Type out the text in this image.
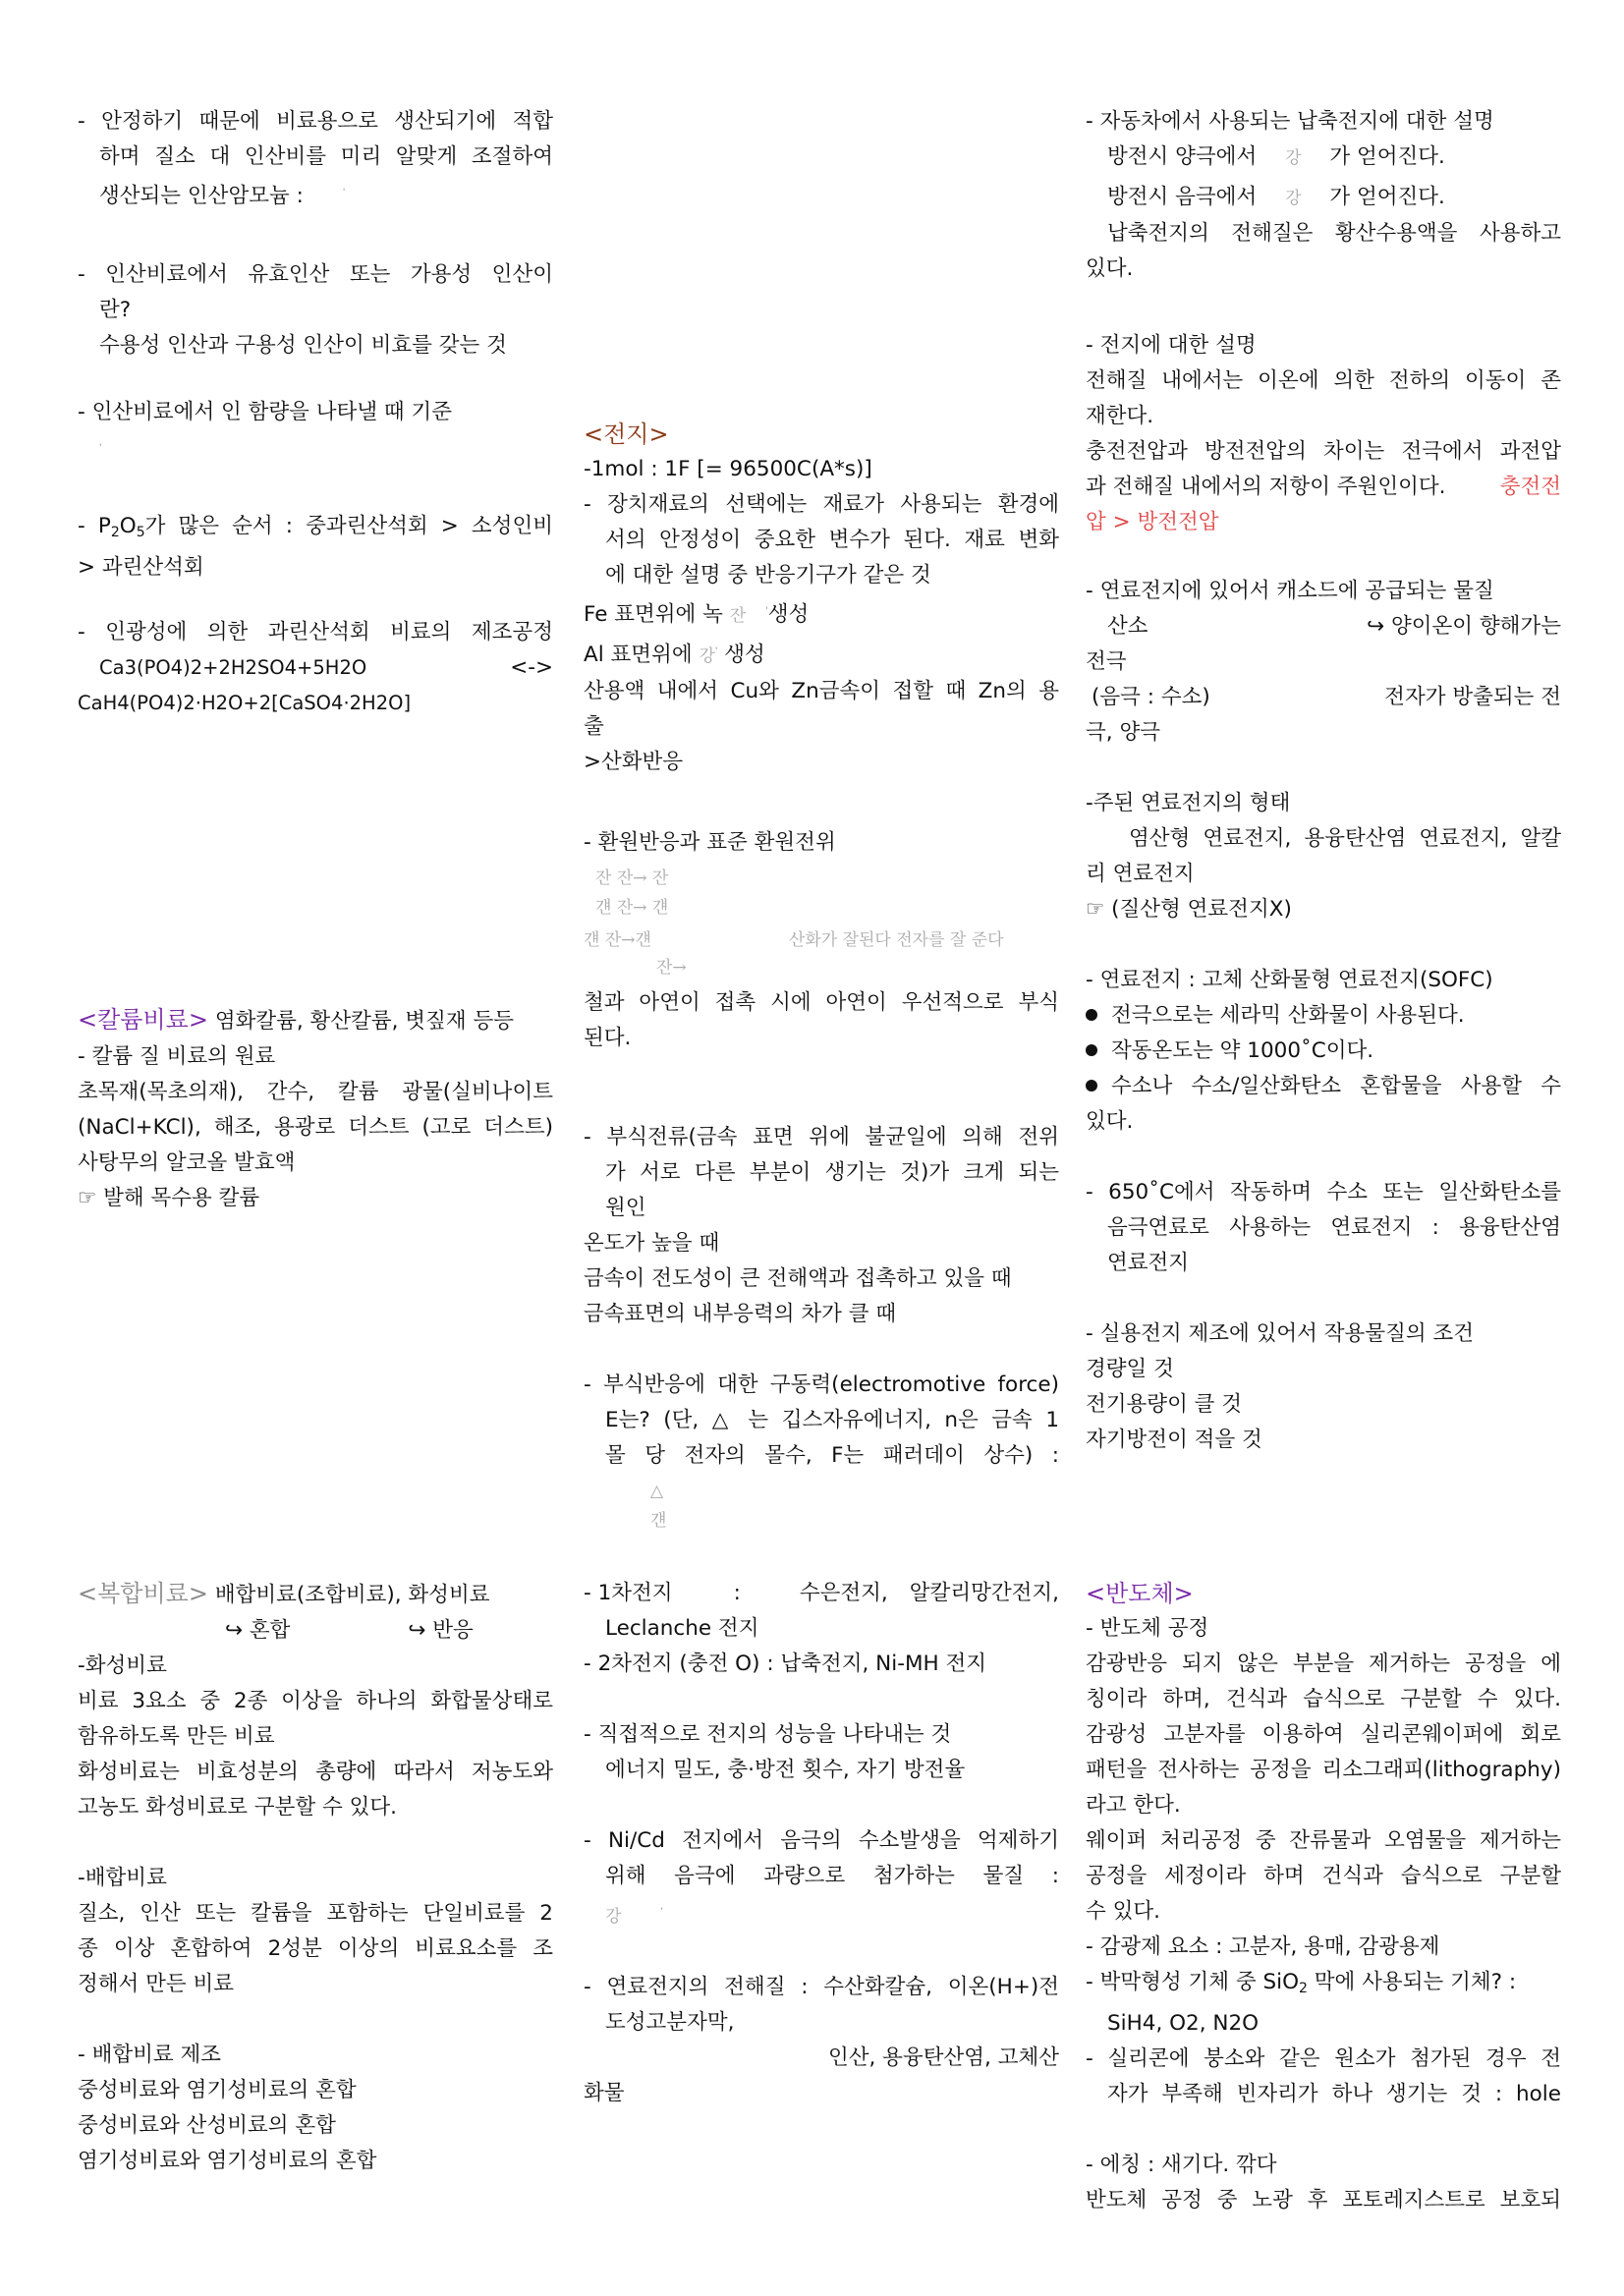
- 안정하기 때문에 비료용으로 생산되기에 적합
하며 질소 대 인산비를 미리 알맞게 조절하여
생산되는 인산암모늄 :	'
- 인산비료에서 유효인산 또는 가용성 인산이
란?
수용성 인산과 구용성 인산이 비효를 갖는 것
- 인산비료에서 인 함량을 나타낼 때 기준
'
- $P_2O_5$가 많은 순서 : 중과린산석회 > 소성인비
> 과린산석회
- 인광성에 의한 과린산석회 비료의 제조공정
Ca3(PO4)2+2H2SO4+5H2O	<->
CaH4(PO4)2·H2O+2[CaSO4·2H2O]
<칼륨비료> 염화칼륨, 황산칼륨, 볏짚재 등등
- 칼륨 질 비료의 원료
초목재(목초의재), 간수, 칼륨 광물(실비나이트
(NaCl+KCl), 해조, 용광로 더스트 (고로 더스트)
사탕무의 알코올 발효액
☞ 발해 목수용 칼륨
<복합비료> 배합비료(조합비료), 화성비료
↪ 혼합	↪ 반응
-화성비료
비료 3요소 중 2종 이상을 하나의 화합물상태로
함유하도록 만든 비료
화성비료는 비효성분의 총량에 따라서 저농도와
고농도 화성비료로 구분할 수 있다.
-배합비료
질소, 인산 또는 칼륨을 포함하는 단일비료를 2
종 이상 혼합하여 2성분 이상의 비료요소를 조
정해서 만든 비료
- 배합비료 제조
중성비료와 염기성비료의 혼합
중성비료와 산성비료의 혼합
염기성비료와 염기성비료의 혼합
<전지>
-1mol : 1F [= 96500C(A*s)]
- 장치재료의 선택에는 재료가 사용되는 환경에
서의 안정성이 중요한 변수가 된다. 재료 변화
에 대한 설명 중 반응기구가 같은 것
Fe 표면위에 녹 잔 '생성
Al 표면위에 강' 생성
산용액 내에서 Cu와 Zn금속이 접할 때 Zn의 용
출
>산화반응
- 환원반응과 표준 환원전위
잔 잔→ 잔
걘 잔→ 걘
걘 잔→걘	산화가 잘된다 전자를 잘 준다
잔→
철과 아연이 접촉 시에 아연이 우선적으로 부식
된다.
- 부식전류(금속 표면 위에 불균일에 의해 전위
가 서로 다른 부분이 생기는 것)가 크게 되는
원인
온도가 높을 때
금속이 전도성이 큰 전해액과 접촉하고 있을 때
금속표면의 내부응력의 차가 클 때
- 부식반응에 대한 구동력(electromotive force)
E는? (단, △ 는 깁스자유에너지, n은 금속 1
몰 당 전자의 몰수, F는 패러데이 상수) :
△
걘
- 1차전지	:	수은전지, 알칼리망간전지,
Leclanche 전지
- 2차전지 (충전 O) : 납축전지, Ni-MH 전지
- 직접적으로 전지의 성능을 나타내는 것
에너지 밀도, 충·방전 횟수, 자기 방전율
- Ni/Cd 전지에서 음극의 수소발생을 억제하기
위해 음극에 과량으로 첨가하는 물질 :
강	'
- 연료전지의 전해질 : 수산화칼슘, 이온(H+)전
도성고분자막,
인산, 용융탄산염, 고체산
화물
- 자동차에서 사용되는 납축전지에 대한 설명
방전시 양극에서 강 가 얻어진다.
방전시 음극에서 강 가 얻어진다.
납축전지의 전해질은 황산수용액을 사용하고
있다.
- 전지에 대한 설명
전해질 내에서는 이온에 의한 전하의 이동이 존
재한다.
충전전압과 방전전압의 차이는 전극에서 과전압
과 전해질 내에서의 저항이 주원인이다.	충전전
압 > 방전전압
- 연료전지에 있어서 캐소드에 공급되는 물질
산소	↪ 양이온이 향해가는
전극
(음극 : 수소)	전자가 방출되는 전
극, 양극
-주된 연료전지의 형태
염산형 연료전지, 용융탄산염 연료전지, 알칼
리 연료전지
☞ (질산형 연료전지X)
- 연료전지 : 고체 산화물형 연료전지(SOFC)
전극으로는 세라믹 산화물이 사용된다.
작동온도는 약 1000˚C이다.
수소나 수소/일산화탄소 혼합물을 사용할 수
있다.
- 650˚C에서 작동하며 수소 또는 일산화탄소를
음극연료로 사용하는 연료전지 : 용융탄산염
연료전지
- 실용전지 제조에 있어서 작용물질의 조건
경량일 것
전기용량이 클 것
자기방전이 적을 것
<반도체>
- 반도체 공정
감광반응 되지 않은 부분을 제거하는 공정을 에
칭이라 하며, 건식과 습식으로 구분할 수 있다.
감광성 고분자를 이용하여 실리콘웨이퍼에 회로
패턴을 전사하는 공정을 리소그래피(lithography)
라고 한다.
웨이퍼 처리공정 중 잔류물과 오염물을 제거하는
공정을 세정이라 하며 건식과 습식으로 구분할
수 있다.
- 감광제 요소 : 고분자, 용매, 감광용제
- 박막형성 기체 중 SiO$_2$ 막에 사용되는 기체? :
SiH4, O2, N2O
- 실리콘에 붕소와 같은 원소가 첨가된 경우 전
자가 부족해 빈자리가 하나 생기는 것 : hole
- 에칭 : 새기다. 깎다
반도체 공정 중 노광 후 포토레지스트로 보호되
